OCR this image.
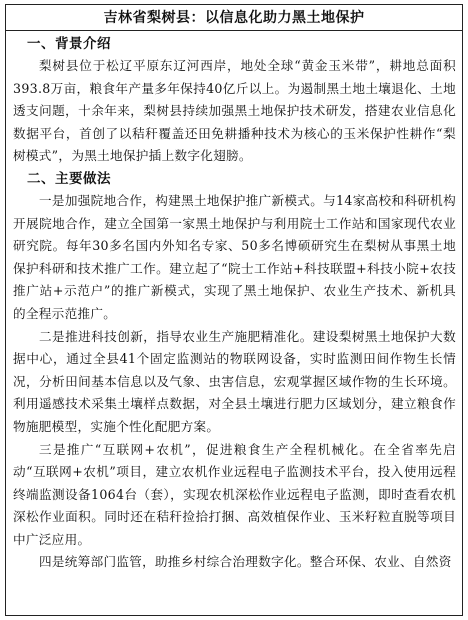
吉林省梨树县：以信息化助力黑土地保护
一、背景介绍

梨树县位于松辽平原东辽河西岸，地处全球“黄金玉米带”，耕地总面积393.8万亩，粮食年产量多年保持40亿斤以上。为遏制黑土地土壤退化、土地透支问题，十余年来，梨树县持续加强黑土地保护技术研发，搭建农业信息化数据平台，首创了以秸秆覆盖还田免耕播种技术为核心的玉米保护性耕作“梨树模式”，为黑土地保护插上数字化翅膀。

二、主要做法

一是加强院地合作，构建黑土地保护推广新模式。与14家高校和科研机构开展院地合作，建立全国第一家黑土地保护与利用院士工作站和国家现代农业研究院。每年30多名国内外知名专家、50多名博硕研究生在梨树从事黑土地保护科研和技术推广工作。建立起了“院士工作站+科技联盟+科技小院+农技推广站+示范户”的推广新模式，实现了黑土地保护、农业生产技术、新机具的全程示范推广。

二是推进科技创新，指导农业生产施肥精准化。建设梨树黑土地保护大数据中心，通过全县41个固定监测站的物联网设备，实时监测田间作物生长情况，分析田间基本信息以及气象、虫害信息，宏观掌握区域作物的生长环境。利用遥感技术采集土壤样点数据，对全县土壤进行肥力区域划分，建立粮食作物施肥模型，实施个性化配肥方案。

三是推广“互联网+农机”，促进粮食生产全程机械化。在全省率先启动“互联网+农机”项目，建立农机作业远程电子监测技术平台，投入使用远程终端监测设备1064台（套），实现农机深松作业远程电子监测，即时查看农机深松作业面积。同时还在秸秆捡拾打捆、高效植保作业、玉米籽粒直脱等项目中广泛应用。

四是统筹部门监管，助推乡村综合治理数字化。整合环保、农业、自然资
